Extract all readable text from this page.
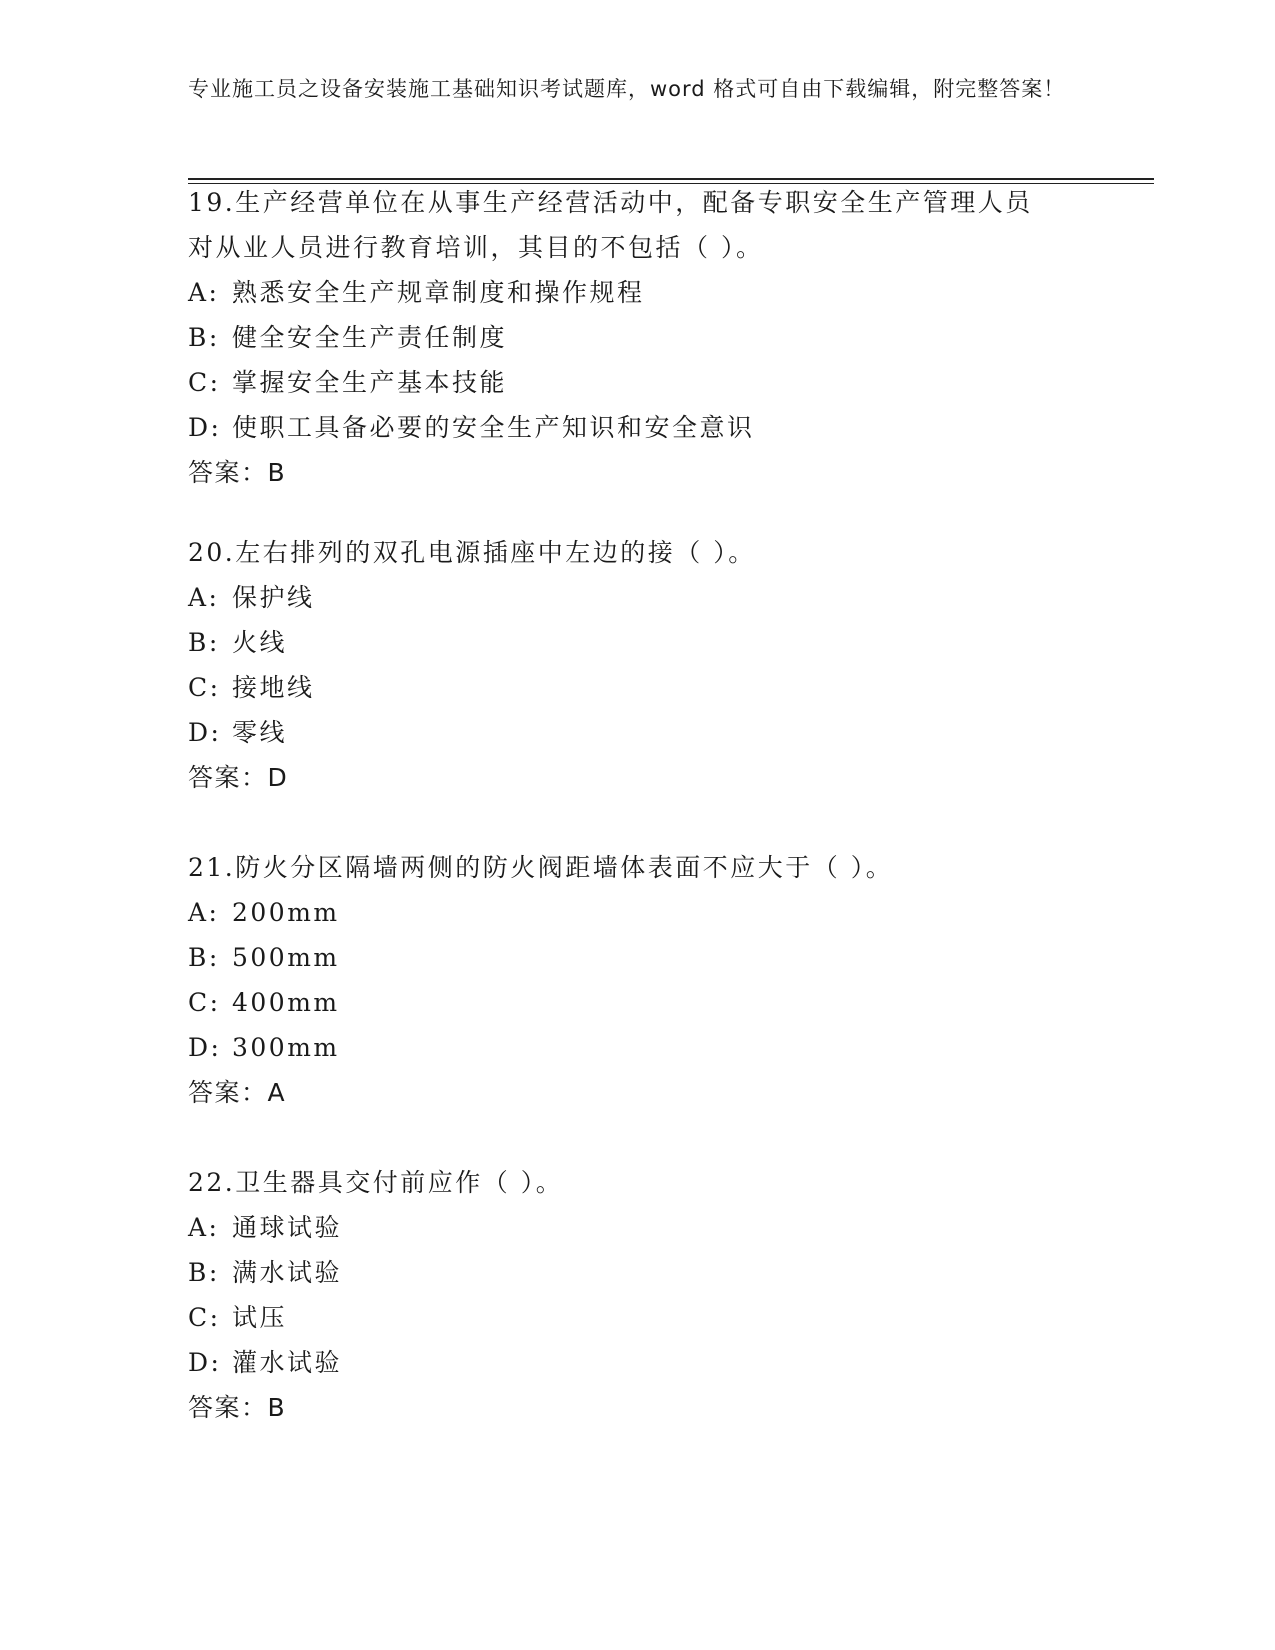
专业施工员之设备安装施工基础知识考试题库，word 格式可自由下载编辑，附完整答案！

19.生产经营单位在从事生产经营活动中，配备专职安全生产管理人员对从业人员进行教育培训，其目的不包括（ ）。

A: 熟悉安全生产规章制度和操作规程

B: 健全安全生产责任制度

C: 掌握安全生产基本技能

D: 使职工具备必要的安全生产知识和安全意识

答案：B

20.左右排列的双孔电源插座中左边的接（ ）。

A: 保护线

B: 火线

C: 接地线

D: 零线

答案：D

21.防火分区隔墙两侧的防火阀距墙体表面不应大于（ ）。

A: 200mm

B: 500mm

C: 400mm

D: 300mm

答案：A

22.卫生器具交付前应作（ ）。

A: 通球试验

B: 满水试验

C: 试压

D: 灌水试验

答案：B
